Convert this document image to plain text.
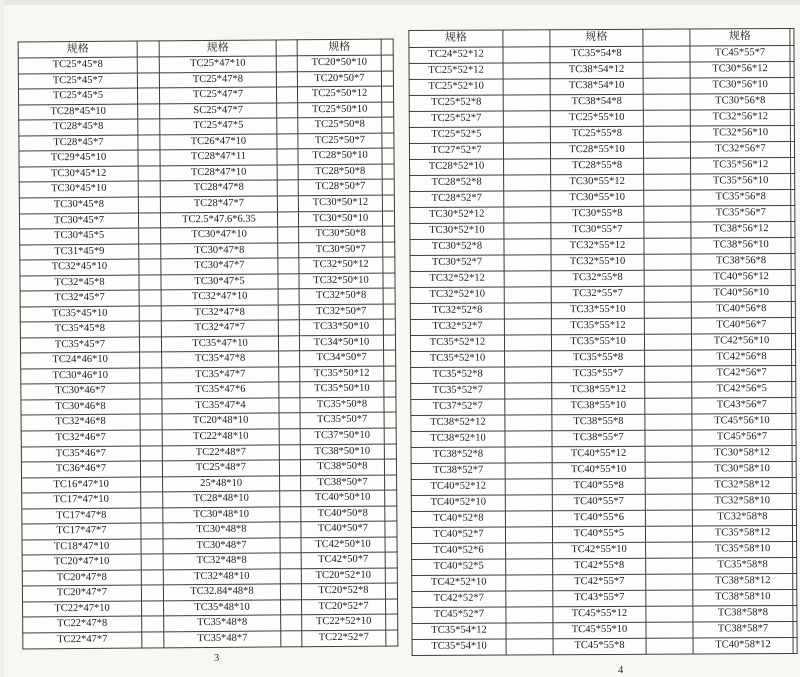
规格		规格		规格	
TC25*45*8		TC25*47*10		TC20*50*10	
TC25*45*7		TC25*47*8		TC20*50*7	
TC25*45*5		TC25*47*7		TC25*50*12	
TC28*45*10		SC25*47*7		TC25*50*10	
TC28*45*8		TC25*47*5		TC25*50*8	
TC28*45*7		TC26*47*10		TC25*50*7	
TC29*45*10		TC28*47*11		TC28*50*10	
TC30*45*12		TC28*47*10		TC28*50*8	
TC30*45*10		TC28*47*8		TC28*50*7	
TC30*45*8		TC28*47*7		TC30*50*12	
TC30*45*7		TC2.5*47.6*6.35		TC30*50*10	
TC30*45*5		TC30*47*10		TC30*50*8	
TC31*45*9		TC30*47*8		TC30*50*7	
TC32*45*10		TC30*47*7		TC32*50*12	
TC32*45*8		TC30*47*5		TC32*50*10	
TC32*45*7		TC32*47*10		TC32*50*8	
TC35*45*10		TC32*47*8		TC32*50*7	
TC35*45*8		TC32*47*7		TC33*50*10	
TC35*45*7		TC35*47*10		TC34*50*10	
TC24*46*10		TC35*47*8		TC34*50*7	
TC30*46*10		TC35*47*7		TC35*50*12	
TC30*46*7		TC35*47*6		TC35*50*10	
TC30*46*8		TC35*47*4		TC35*50*8	
TC32*46*8		TC20*48*10		TC35*50*7	
TC32*46*7		TC22*48*10		TC37*50*10	
TC35*46*7		TC22*48*7		TC38*50*10	
TC36*46*7		TC25*48*7		TC38*50*8	
TC16*47*10		25*48*10		TC38*50*7	
TC17*47*10		TC28*48*10		TC40*50*10	
TC17*47*8		TC30*48*10		TC40*50*8	
TC17*47*7		TC30*48*8		TC40*50*7	
TC18*47*10		TC30*48*7		TC42*50*10	
TC20*47*10		TC32*48*8		TC42*50*7	
TC20*47*8		TC32*48*10		TC20*52*10	
TC20*47*7		TC32.84*48*8		TC20*52*8	
TC22*47*10		TC35*48*10		TC20*52*7	
TC22*47*8		TC35*48*8		TC22*52*10	
TC22*47*7		TC35*48*7		TC22*52*7	
规格		规格		规格	
TC24*52*12		TC35*54*8		TC45*55*7	
TC25*52*12		TC38*54*12		TC30*56*12	
TC25*52*10		TC38*54*10		TC30*56*10	
TC25*52*8		TC38*54*8		TC30*56*8	
TC25*52*7		TC25*55*10		TC32*56*12	
TC25*52*5		TC25*55*8		TC32*56*10	
TC27*52*7		TC28*55*10		TC32*56*7	
TC28*52*10		TC28*55*8		TC35*56*12	
TC28*52*8		TC30*55*12		TC35*56*10	
TC28*52*7		TC30*55*10		TC35*56*8	
TC30*52*12		TC30*55*8		TC35*56*7	
TC30*52*10		TC30*55*7		TC38*56*12	
TC30*52*8		TC32*55*12		TC38*56*10	
TC30*52*7		TC32*55*10		TC38*56*8	
TC32*52*12		TC32*55*8		TC40*56*12	
TC32*52*10		TC32*55*7		TC40*56*10	
TC32*52*8		TC33*55*10		TC40*56*8	
TC32*52*7		TC35*55*12		TC40*56*7	
TC35*52*12		TC35*55*10		TC42*56*10	
TC35*52*10		TC35*55*8		TC42*56*8	
TC35*52*8		TC35*55*7		TC42*56*7	
TC35*52*7		TC38*55*12		TC42*56*5	
TC37*52*7		TC38*55*10		TC43*56*7	
TC38*52*12		TC38*55*8		TC45*56*10	
TC38*52*10		TC38*55*7		TC45*56*7	
TC38*52*8		TC40*55*12		TC30*58*12	
TC38*52*7		TC40*55*10		TC30*58*10	
TC40*52*12		TC40*55*8		TC32*58*12	
TC40*52*10		TC40*55*7		TC32*58*10	
TC40*52*8		TC40*55*6		TC32*58*8	
TC40*52*7		TC40*55*5		TC35*58*12	
TC40*52*6		TC42*55*10		TC35*58*10	
TC40*52*5		TC42*55*8		TC35*58*8	
TC42*52*10		TC42*55*7		TC38*58*12	
TC42*52*7		TC43*55*7		TC38*58*10	
TC45*52*7		TC45*55*12		TC38*58*8	
TC35*54*12		TC45*55*10		TC38*58*7	
TC35*54*10		TC45*55*8		TC40*58*12	
3
4
